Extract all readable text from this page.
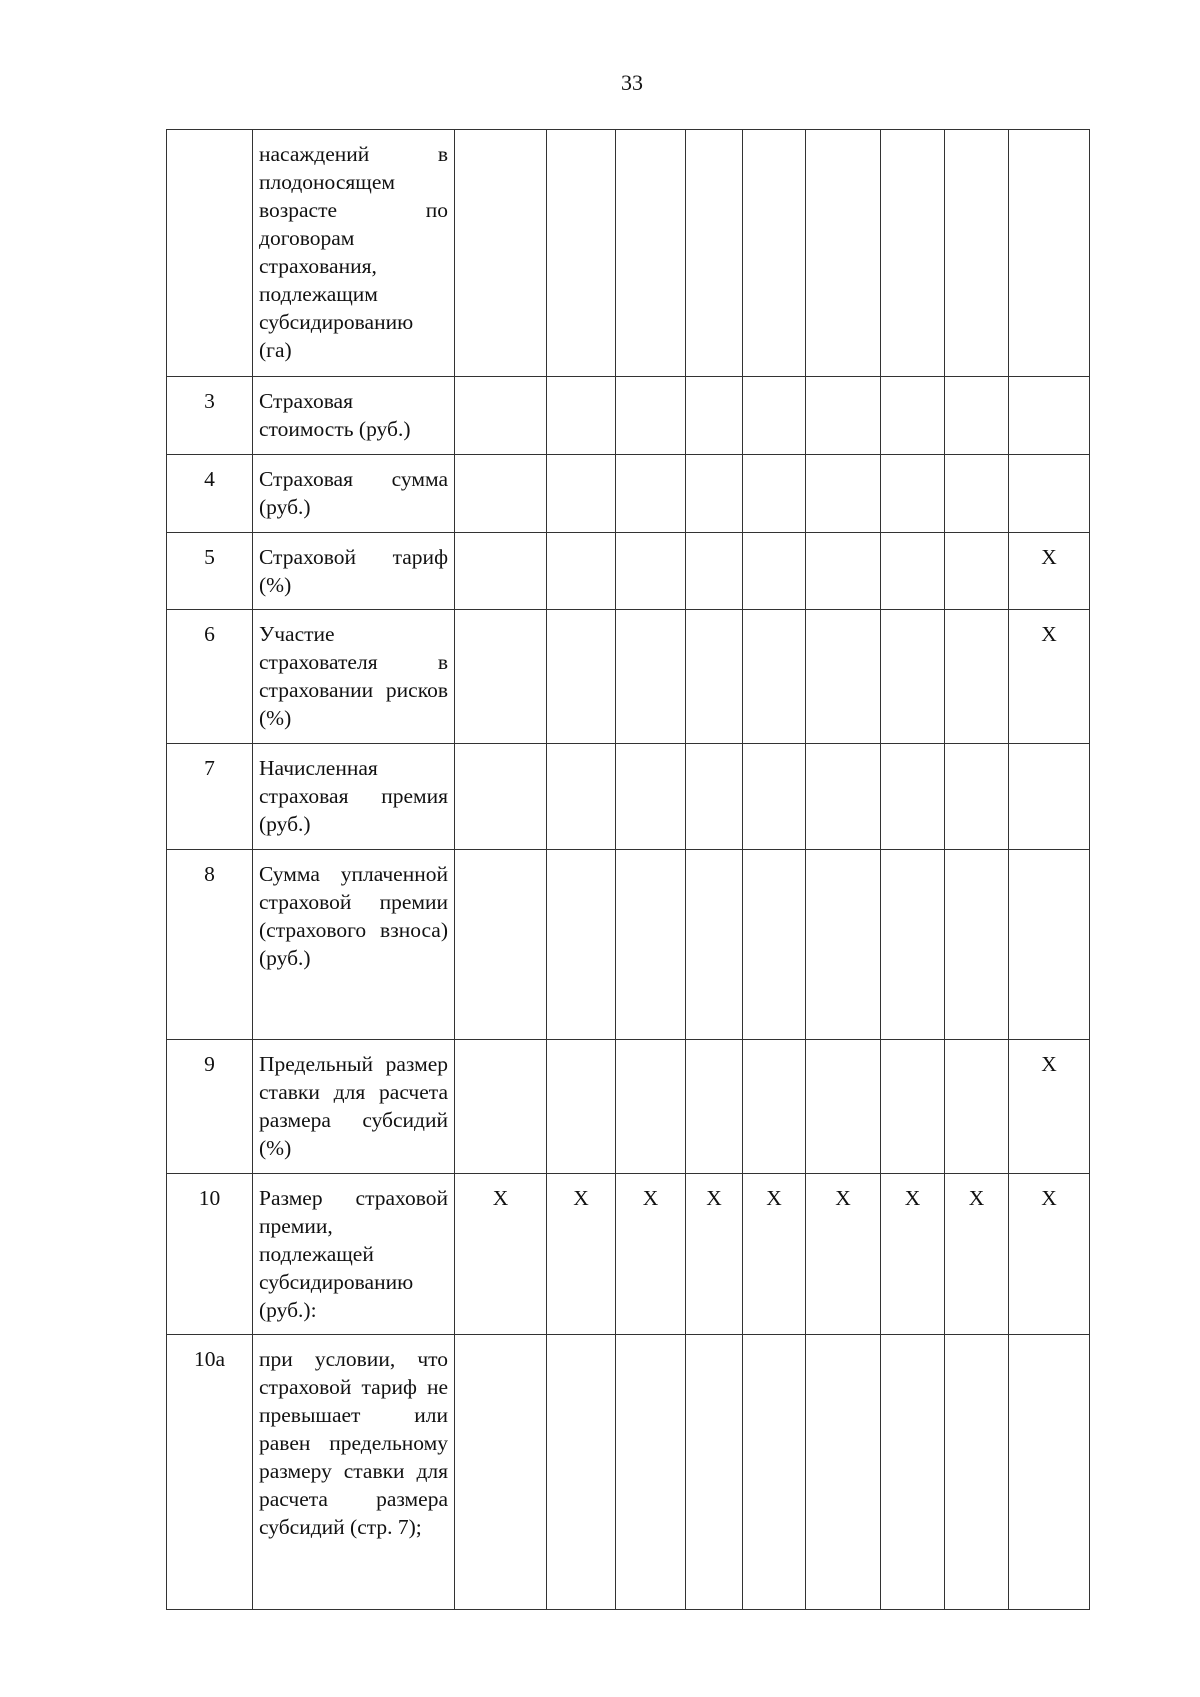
33
	насаждений в плодоносящем возрасте по договорам страхования, подлежащим субсидированию (га)									
3	Страховая стоимость (руб.)									
4	Страховая сумма (руб.)									
5	Страховой тариф (%)									X
6	Участие страхователя в страховании рисков (%)									X
7	Начисленная страховая премия (руб.)									
8	Сумма уплаченной страховой премии (страхового взноса) (руб.)									
9	Предельный размер ставки для расчета размера субсидий (%)									X
10	Размер страховой премии, подлежащей субсидированию (руб.):	X	X	X	X	X	X	X	X	X
10а	при условии, что страховой тариф не превышает или равен предельному размеру ставки для расчета размера субсидий (стр. 7);									
